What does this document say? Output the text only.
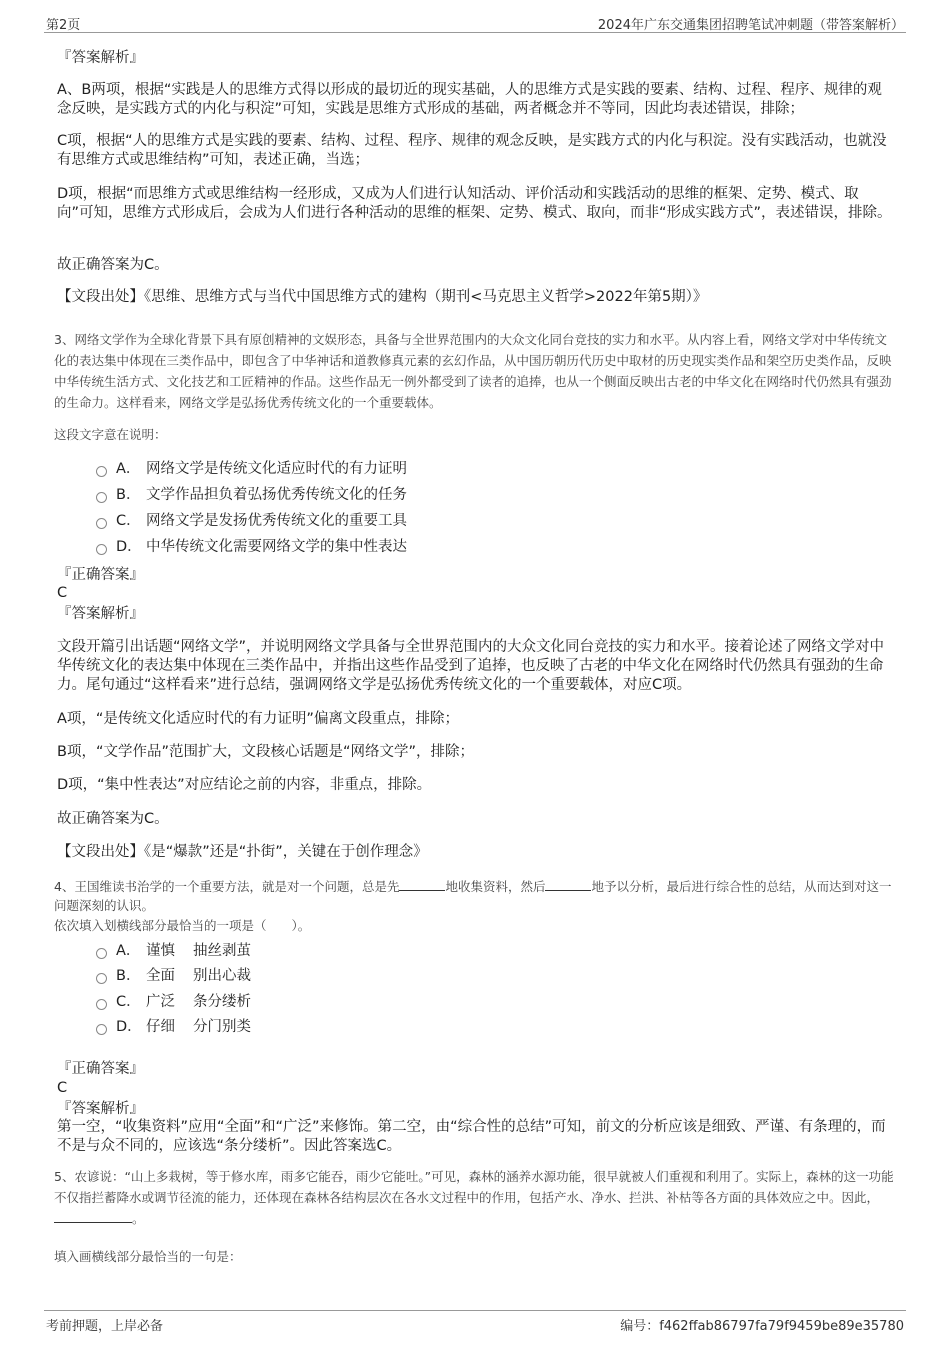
第2页	2024年广东交通集团招聘笔试冲刺题（带答案解析）
『答案解析』
A、B两项，根据“实践是人的思维方式得以形成的最切近的现实基础，人的思维方式是实践的要素、结构、过程、程序、规律的观念反映，是实践方式的内化与积淀”可知，实践是思维方式形成的基础，两者概念并不等同，因此均表述错误，排除；
C项，根据“人的思维方式是实践的要素、结构、过程、程序、规律的观念反映，是实践方式的内化与积淀。没有实践活动，也就没有思维方式或思维结构”可知，表述正确，当选；
D项，根据“而思维方式或思维结构一经形成，又成为人们进行认知活动、评价活动和实践活动的思维的框架、定势、模式、取向”可知，思维方式形成后，会成为人们进行各种活动的思维的框架、定势、模式、取向，而非“形成实践方式”，表述错误，排除。
故正确答案为C。
【文段出处】《思维、思维方式与当代中国思维方式的建构（期刊<马克思主义哲学>2022年第5期）》
3、网络文学作为全球化背景下具有原创精神的文娱形态，具备与全世界范围内的大众文化同台竞技的实力和水平。从内容上看，网络文学对中华传统文化的表达集中体现在三类作品中，即包含了中华神话和道教修真元素的玄幻作品，从中国历朝历代历史中取材的历史现实类作品和架空历史类作品，反映中华传统生活方式、文化技艺和工匠精神的作品。这些作品无一例外都受到了读者的追捧，也从一个侧面反映出古老的中华文化在网络时代仍然具有强劲的生命力。这样看来，网络文学是弘扬优秀传统文化的一个重要载体。
这段文字意在说明：
A． 网络文学是传统文化适应时代的有力证明
B． 文学作品担负着弘扬优秀传统文化的任务
C． 网络文学是发扬优秀传统文化的重要工具
D． 中华传统文化需要网络文学的集中性表达
『正确答案』
C
『答案解析』
文段开篇引出话题“网络文学”，并说明网络文学具备与全世界范围内的大众文化同台竞技的实力和水平。接着论述了网络文学对中华传统文化的表达集中体现在三类作品中，并指出这些作品受到了追捧，也反映了古老的中华文化在网络时代仍然具有强劲的生命力。尾句通过“这样看来”进行总结，强调网络文学是弘扬优秀传统文化的一个重要载体，对应C项。
A项，“是传统文化适应时代的有力证明”偏离文段重点，排除；
B项，“文学作品”范围扩大，文段核心话题是“网络文学”，排除；
D项，“集中性表达”对应结论之前的内容，非重点，排除。
故正确答案为C。
【文段出处】《是“爆款”还是“扑街”，关键在于创作理念》
4、王国维读书治学的一个重要方法，就是对一个问题，总是先	地收集资料，然后	地予以分析，最后进行综合性的总结，从而达到对这一问题深刻的认识。
依次填入划横线部分最恰当的一项是（　　）。
A． 谨慎 抽丝剥茧
B． 全面 别出心裁
C． 广泛 条分缕析
D． 仔细 分门别类
『正确答案』
C
『答案解析』
第一空，“收集资料”应用“全面”和“广泛”来修饰。第二空，由“综合性的总结”可知，前文的分析应该是细致、严谨、有条理的，而不是与众不同的，应该选“条分缕析”。因此答案选C。
5、农谚说：“山上多栽树，等于修水库，雨多它能吞，雨少它能吐。”可见，森林的涵养水源功能，很早就被人们重视和利用了。实际上，森林的这一功能不仅指拦蓄降水或调节径流的能力，还体现在森林各结构层次在各水文过程中的作用，包括产水、净水、拦洪、补枯等各方面的具体效应之中。因此，。
填入画横线部分最恰当的一句是：
考前押题，上岸必备	编号：f462ffab86797fa79f9459be89e35780
